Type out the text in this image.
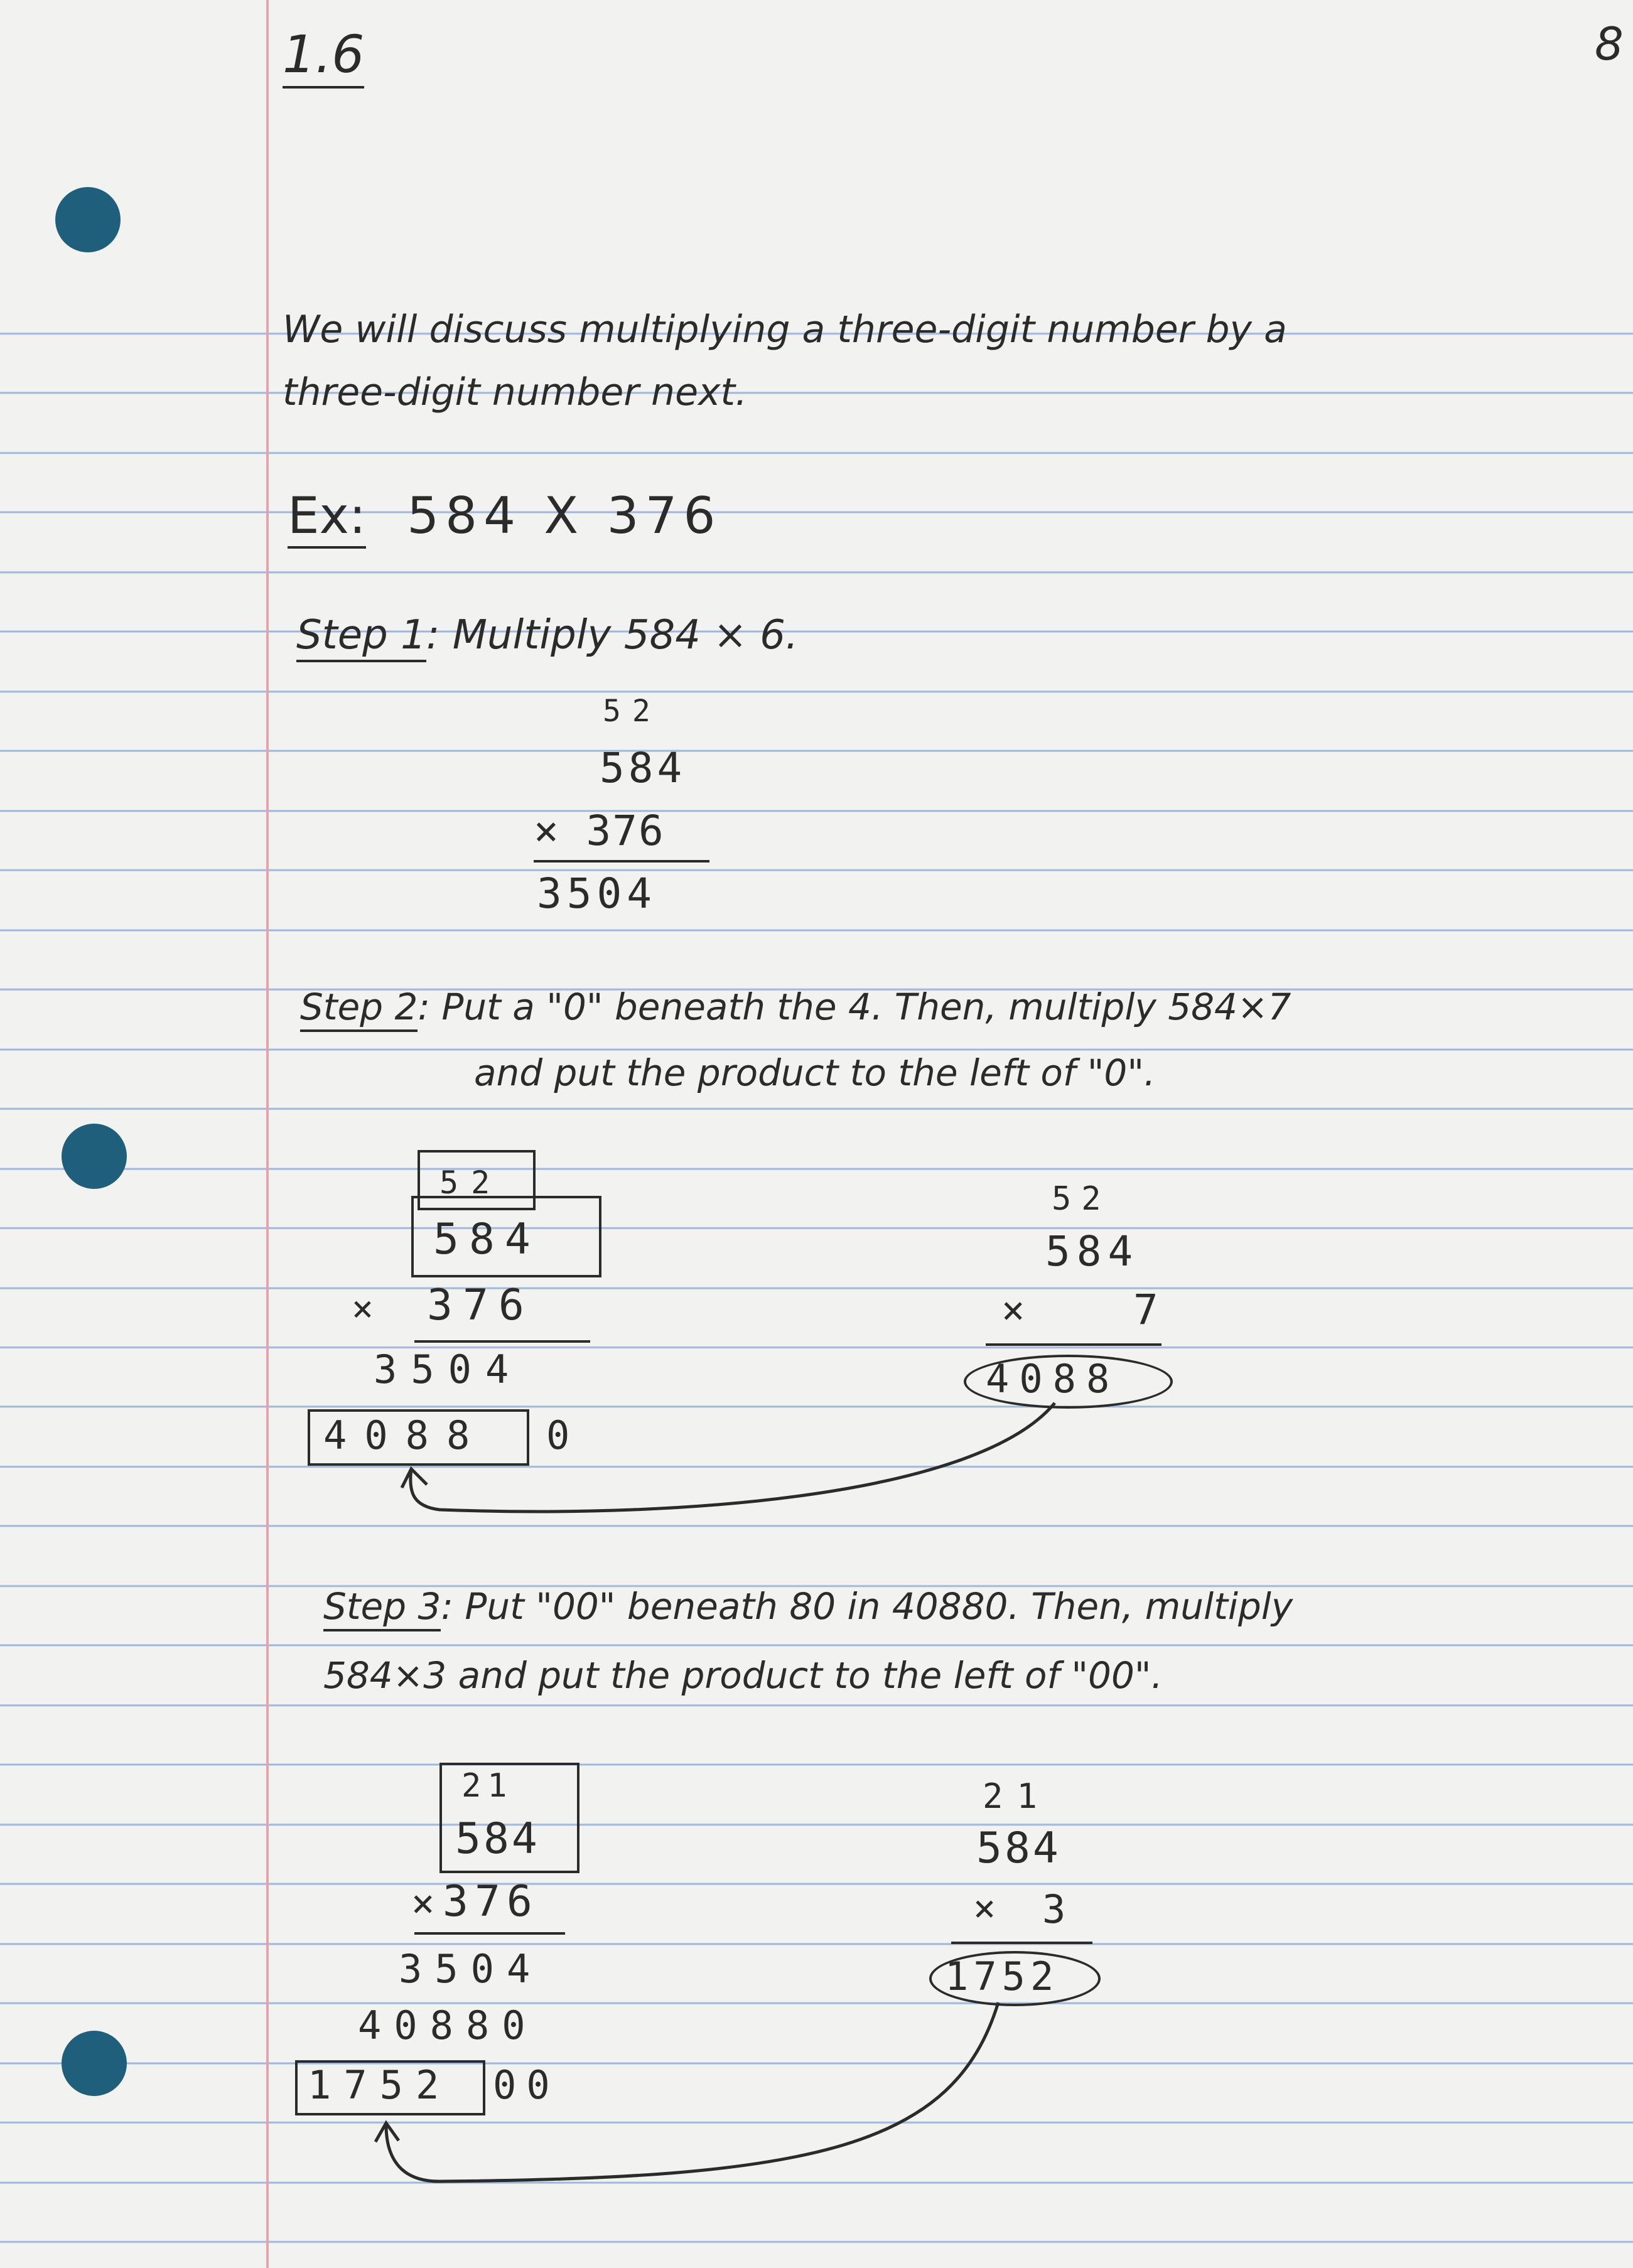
1.6	8
We will discuss multiplying a three-digit number by a
three-digit number next.
Ex: 584 X 376
Step 1: Multiply 584 × 6.
52
584
× 376
3504
Step 2: Put a "0" beneath the 4. Then, multiply 584×7
and put the product to the left of "0".
52
584
× 376
3504
4088 0
52
584
×	7
4088
Step 3: Put "00" beneath 80 in 40880. Then, multiply
584×3 and put the product to the left of "00".
21
584
× 376
3504
40880
1752 00
21
584
× 3
1752
